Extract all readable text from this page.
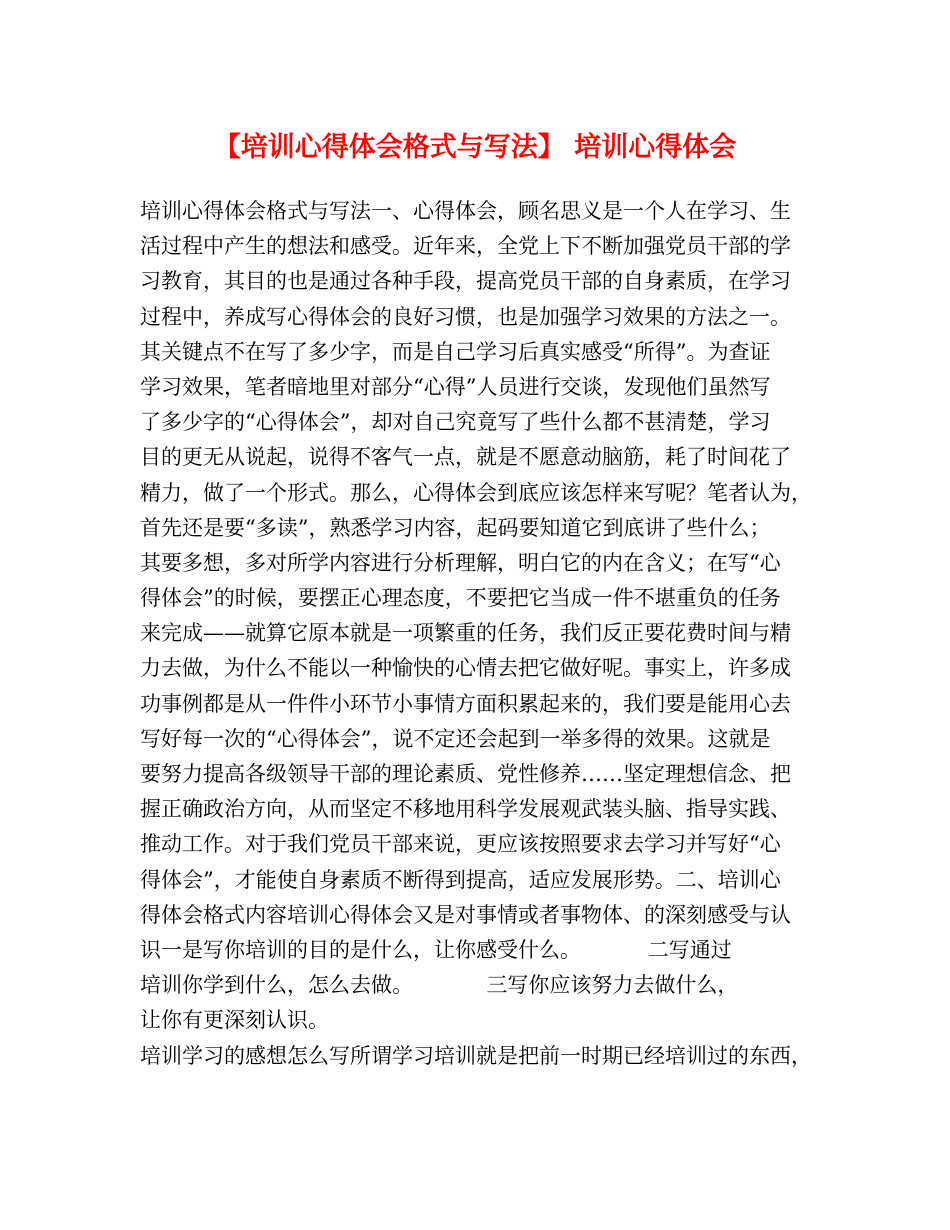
【培训心得体会格式与写法】 培训心得体会
培训心得体会格式与写法一、心得体会，顾名思义是一个人在学习、生
活过程中产生的想法和感受。近年来，全党上下不断加强党员干部的学
习教育，其目的也是通过各种手段，提高党员干部的自身素质，在学习
过程中，养成写心得体会的良好习惯，也是加强学习效果的方法之一。
其关键点不在写了多少字，而是自己学习后真实感受“所得”。为查证
学习效果，笔者暗地里对部分“心得”人员进行交谈，发现他们虽然写
了多少字的“心得体会”，却对自己究竟写了些什么都不甚清楚，学习
目的更无从说起，说得不客气一点，就是不愿意动脑筋，耗了时间花了
精力，做了一个形式。那么，心得体会到底应该怎样来写呢？笔者认为，
首先还是要“多读”，熟悉学习内容，起码要知道它到底讲了些什么；
其要多想，多对所学内容进行分析理解，明白它的内在含义；在写“心
得体会”的时候，要摆正心理态度，不要把它当成一件不堪重负的任务
来完成——就算它原本就是一项繁重的任务，我们反正要花费时间与精
力去做，为什么不能以一种愉快的心情去把它做好呢。事实上，许多成
功事例都是从一件件小环节小事情方面积累起来的，我们要是能用心去
写好每一次的“心得体会”，说不定还会起到一举多得的效果。这就是
要努力提高各级领导干部的理论素质、党性修养……坚定理想信念、把
握正确政治方向，从而坚定不移地用科学发展观武装头脑、指导实践、
推动工作。对于我们党员干部来说，更应该按照要求去学习并写好“心
得体会”，才能使自身素质不断得到提高，适应发展形势。二、培训心
得体会格式内容培训心得体会又是对事情或者事物体、的深刻感受与认
识一是写你培训的目的是什么，让你感受什么。          二写通过
培训你学到什么，怎么去做。           三写你应该努力去做什么，
让你有更深刻认识。
培训学习的感想怎么写所谓学习培训就是把前一时期已经培训过的东西，
